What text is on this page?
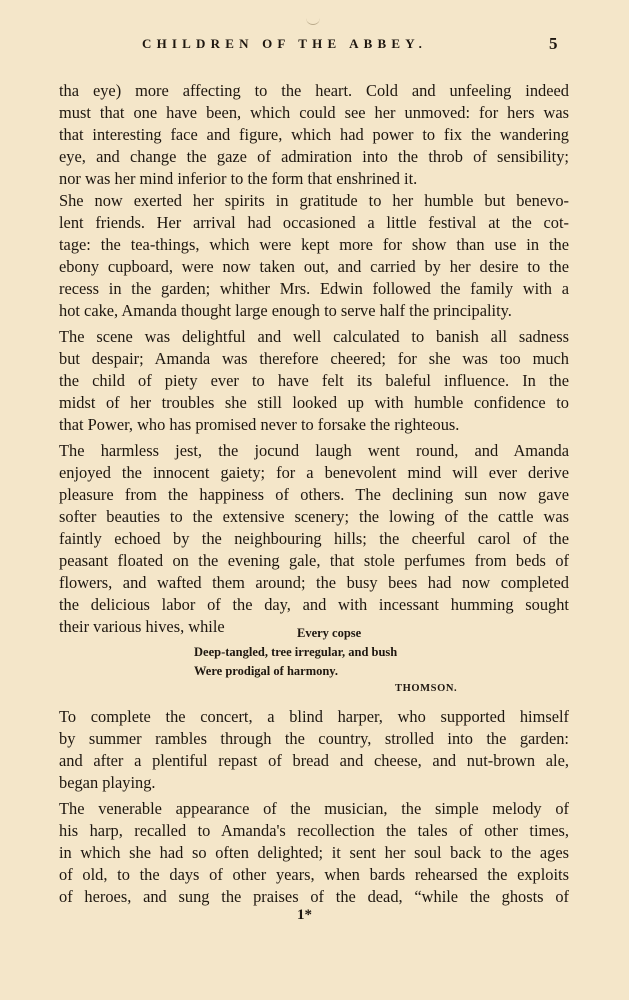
CHILDREN OF THE ABBEY.	5
tha eye) more affecting to the heart. Cold and unfeeling indeed
must that one have been, which could see her unmoved: for hers was
that interesting face and figure, which had power to fix the wandering
eye, and change the gaze of admiration into the throb of sensibility;
nor was her mind inferior to the form that enshrined it.
She now exerted her spirits in gratitude to her humble but benevo-
lent friends. Her arrival had occasioned a little festival at the cot-
tage: the tea-things, which were kept more for show than use in the
ebony cupboard, were now taken out, and carried by her desire to the
recess in the garden; whither Mrs. Edwin followed the family with a
hot cake, Amanda thought large enough to serve half the principality.
The scene was delightful and well calculated to banish all sadness
but despair; Amanda was therefore cheered; for she was too much
the child of piety ever to have felt its baleful influence. In the
midst of her troubles she still looked up with humble confidence to
that Power, who has promised never to forsake the righteous.
The harmless jest, the jocund laugh went round, and Amanda
enjoyed the innocent gaiety; for a benevolent mind will ever derive
pleasure from the happiness of others. The declining sun now gave
softer beauties to the extensive scenery; the lowing of the cattle was
faintly echoed by the neighbouring hills; the cheerful carol of the
peasant floated on the evening gale, that stole perfumes from beds of
flowers, and wafted them around; the busy bees had now completed
the delicious labor of the day, and with incessant humming sought
their various hives, while	Every copse
Deep-tangled, tree irregular, and bush
Were prodigal of harmony.
THOMSON.
To complete the concert, a blind harper, who supported himself
by summer rambles through the country, strolled into the garden:
and after a plentiful repast of bread and cheese, and nut-brown ale,
began playing.
The venerable appearance of the musician, the simple melody of
his harp, recalled to Amanda's recollection the tales of other times,
in which she had so often delighted; it sent her soul back to the ages
of old, to the days of other years, when bards rehearsed the exploits
of heroes, and sung the praises of the dead, “while the ghosts of
1*
